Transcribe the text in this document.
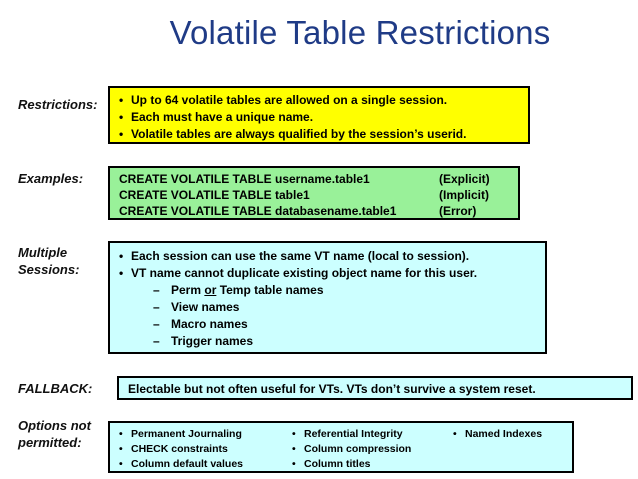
Volatile Table Restrictions
Restrictions: • Up to 64 volatile tables are allowed on a single session.
• Each must have a unique name.
• Volatile tables are always qualified by the session’s userid.
Examples:	CREATE VOLATILE TABLE username.table1	(Explicit)
CREATE VOLATILE TABLE table1	(Implicit)
CREATE VOLATILE TABLE databasename.table1	(Error)
Multiple
Sessions:
• Each session can use the same VT name (local to session).
• VT name cannot duplicate existing object name for this user.
– Perm or Temp table names
– View names
– Macro names
– Trigger names
FALLBACK:	Electable but not often useful for VTs. VTs don’t survive a system reset.
Options not
permitted:
• Permanent Journaling
• CHECK constraints
• Column default values
• Referential Integrity
• Column compression
• Column titles
• Named Indexes
